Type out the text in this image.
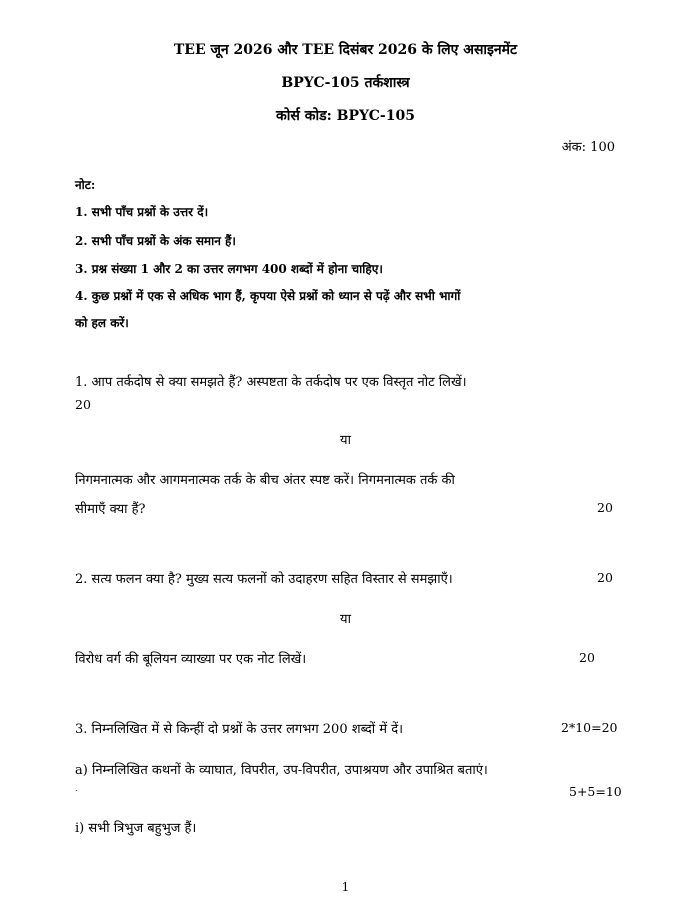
TEE जून 2026 और TEE दिसंबर 2026 के लिए असाइनमेंट
BPYC-105 तर्कशास्त्र
कोर्स कोड: BPYC-105
अंक: 100
नोट:
1. सभी पाँच प्रश्नों के उत्तर दें।
2. सभी पाँच प्रश्नों के अंक समान हैं।
3. प्रश्न संख्या 1 और 2 का उत्तर लगभग 400 शब्दों में होना चाहिए।
4. कुछ प्रश्नों में एक से अधिक भाग हैं, कृपया ऐसे प्रश्नों को ध्यान से पढ़ें और सभी भागों
को हल करें।
1. आप तर्कदोष से क्या समझते हैं? अस्पष्टता के तर्कदोष पर एक विस्तृत नोट लिखें।
20
या
निगमनात्मक और आगमनात्मक तर्क के बीच अंतर स्पष्ट करें। निगमनात्मक तर्क की
सीमाएँ क्या हैं?	20
2. सत्य फलन क्या है? मुख्य सत्य फलनों को उदाहरण सहित विस्तार से समझाएँ।	20
या
विरोध वर्ग की बूलियन व्याख्या पर एक नोट लिखें।	20
3. निम्नलिखित में से किन्हीं दो प्रश्नों के उत्तर लगभग 200 शब्दों में दें।	2*10=20
a) निम्नलिखित कथनों के व्याघात, विपरीत, उप-विपरीत, उपाश्रयण और उपाश्रित बताएं।
.	5+5=10
i) सभी त्रिभुज बहुभुज हैं।
1
